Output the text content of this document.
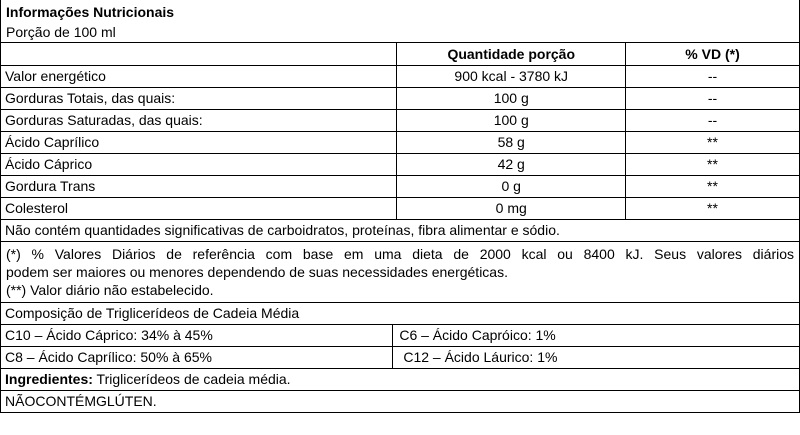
Informações Nutricionais
Porção de 100 ml
	Quantidade porção	% VD (*)
Valor energético	900 kcal - 3780 kJ	--
Gorduras Totais, das quais:	100 g	--
Gorduras Saturadas, das quais:	100 g	--
Ácido Caprílico	58 g	**
Ácido Cáprico	42 g	**
Gordura Trans	0 g	**
Colesterol	0 mg	**
Não contém quantidades significativas de carboidratos, proteínas, fibra alimentar e sódio.		

(*) % Valores Diários de referência com base em uma dieta de 2000 kcal ou 8400 kJ. Seus valores diários
podem ser maiores ou menores dependendo de suas necessidades energéticas.
(**) Valor diário não estabelecido.		

Composição de Triglicerídeos de Cadeia Média		
C10 – Ácido Cáprico: 34% à 45%	C6 – Ácido Capróico: 1%
C8 – Ácido Caprílico: 50% à 65%	C12 – Ácido Láurico: 1%
Ingredientes: Triglicerídeos de cadeia média.	
NÃOCONTÉMGLÚTEN.	
